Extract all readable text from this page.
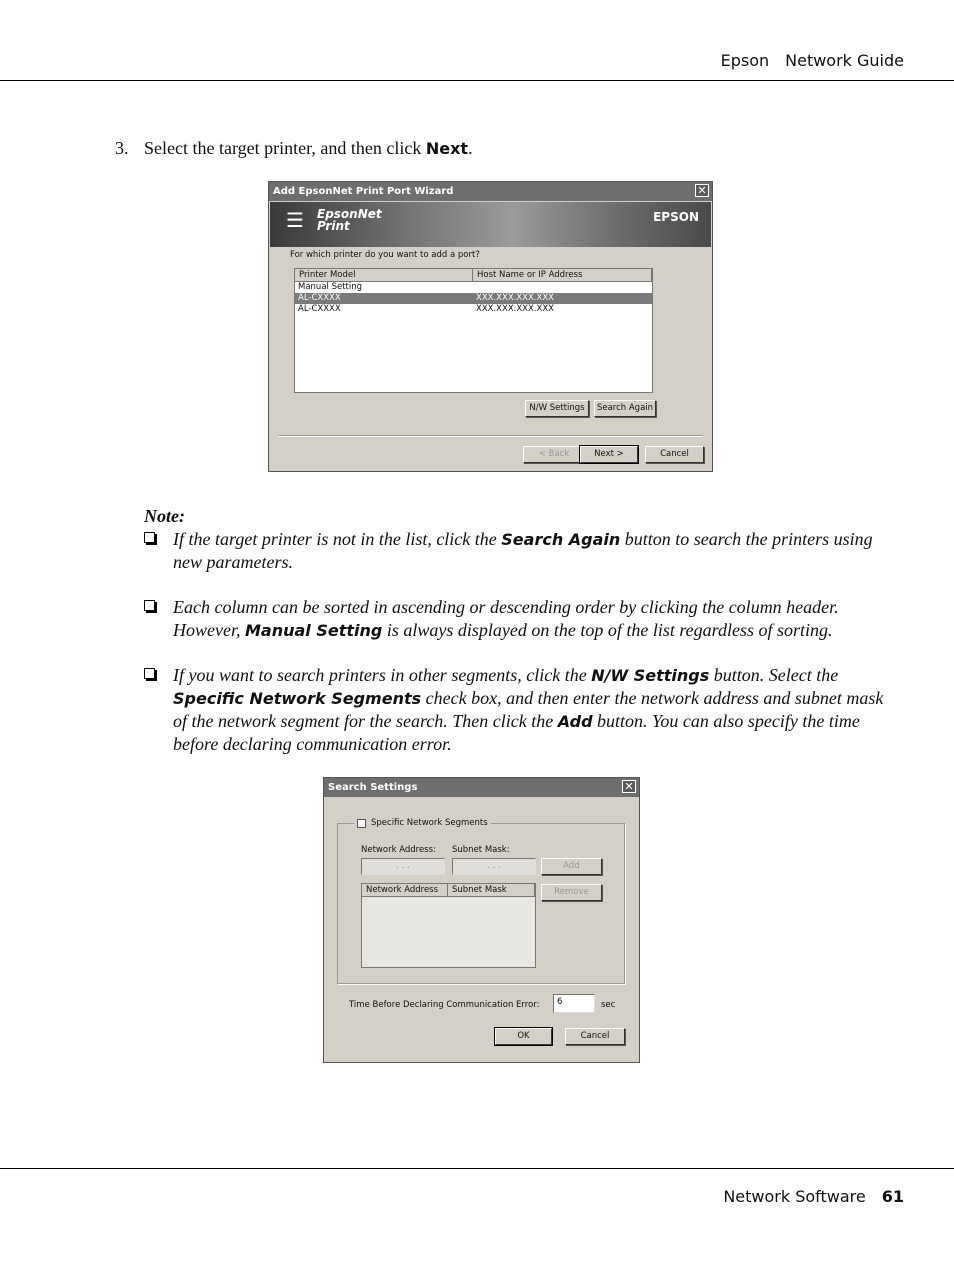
Epson Network Guide
3. Select the target printer, and then click Next.
Add EpsonNet Print Port Wizard	✕
☰	EpsonNet
Print
EPSON
For which printer do you want to add a port?
Printer Model	Host Name or IP Address
Manual Setting
AL-CXXXX	XXX.XXX.XXX.XXX
AL-CXXXX	XXX.XXX.XXX.XXX
N/W Settings	Search Again
< Back	Next >	Cancel
Note:
If the target printer is not in the list, click the Search Again button to search the printers using new parameters.
Each column can be sorted in ascending or descending order by clicking the column header. However, Manual Setting is always displayed on the top of the list regardless of sorting.
If you want to search printers in other segments, click the N/W Settings button. Select the Specific Network Segments check box, and then enter the network address and subnet mask of the network segment for the search. Then click the Add button. You can also specify the time before declaring communication error.
Search Settings	✕
Specific Network Segments
Network Address: Subnet Mask:
. . .	. . .	Add
Network Address	Subnet Mask	Remove
Time Before Declaring Communication Error:	6	sec
OK	Cancel
Network Software 61
